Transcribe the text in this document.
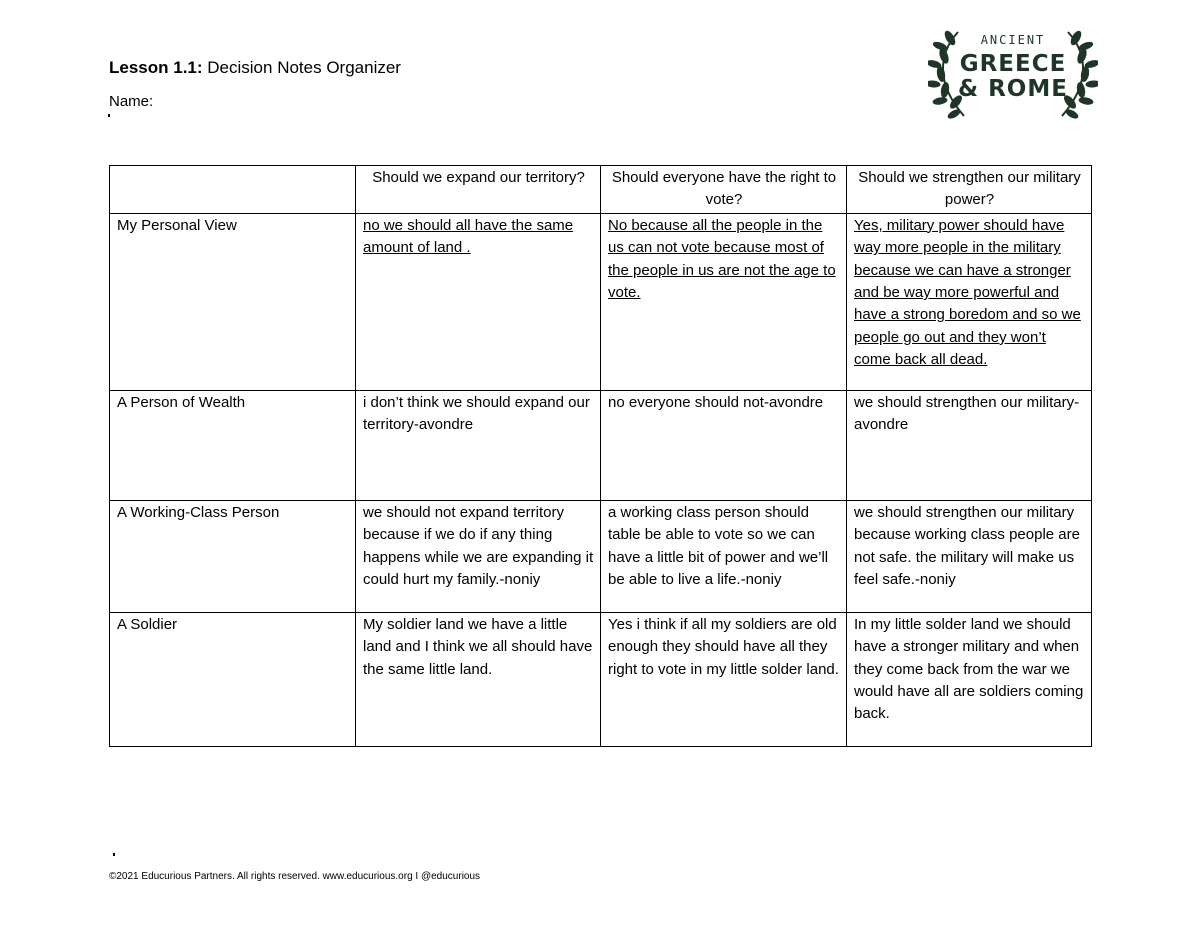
Lesson 1.1: Decision Notes Organizer
Name:
ANCIENT
GREECE
& ROME
	Should we expand our territory?	Should everyone have the right to vote?	Should we strengthen our military power?
My Personal View	no we should all have the same amount of land .	No because all the people in the us can not vote because most of the people in us are not the age to vote.	Yes, military power should have way more people in the military because we can have a stronger and be way more powerful and have a strong boredom and so we people go out and they won’t come back all dead.
A Person of Wealth	i don’t think we should expand our territory-avondre	no everyone should not-avondre	we should strengthen our military-avondre
A Working-Class Person	we should not expand territory because if we do if any thing happens while we are expanding it could hurt my family.-noniy	a working class person should table be able to vote so we can have a little bit of power and we’ll be able to live a life.-noniy	we should strengthen our military because working class people are not safe. the military will make us feel safe.-noniy
A Soldier	My soldier land we have a little land and I think we all should have the same little land.	Yes i think if all my soldiers are old enough they should have all they right to vote in my little solder land.	In my little solder land we should have a stronger military and when they come back from the war we would have all are soldiers coming back.
©2021 Educurious Partners. All rights reserved. www.educurious.org I @educurious
